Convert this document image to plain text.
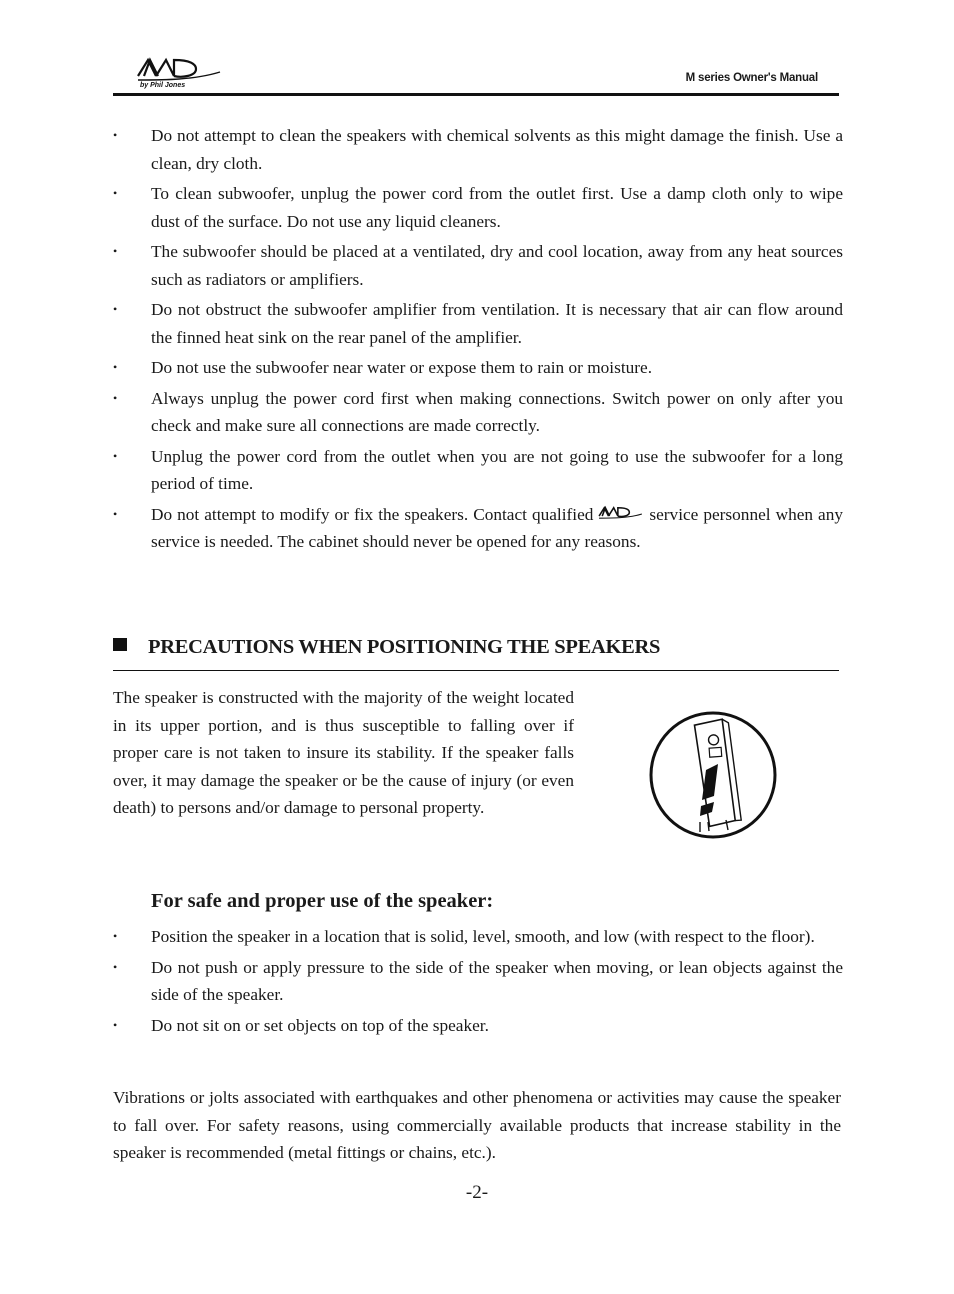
by Phil Jones
M series Owner's Manual
• Do not attempt to clean the speakers with chemical solvents as this might damage the finish. Use a clean, dry cloth.
• To clean subwoofer, unplug the power cord from the outlet first. Use a damp cloth only to wipe dust of the surface. Do not use any liquid cleaners.
• The subwoofer should be placed at a ventilated, dry and cool location, away from any heat sources such as radiators or amplifiers.
• Do not obstruct the subwoofer amplifier from ventilation. It is necessary that air can flow around the finned heat sink on the rear panel of the amplifier.
• Do not use the subwoofer near water or expose them to rain or moisture.
• Always unplug the power cord first when making connections. Switch power on only after you check and make sure all connections are made correctly.
• Unplug the power cord from the outlet when you are not going to use the subwoofer for a long period of time.
• Do not attempt to modify or fix the speakers. Contact qualified	service personnel when any service is needed. The cabinet should never be opened for any reasons.
PRECAUTIONS WHEN POSITIONING THE SPEAKERS

The speaker is constructed with the majority of the weight located in its upper portion, and is thus susceptible to falling over if proper care is not taken to insure its stability. If the speaker falls over, it may damage the speaker or be the cause of injury (or even death) to persons and/or damage to personal property.

For safe and proper use of the speaker:

• Position the speaker in a location that is solid, level, smooth, and low (with respect to the floor).
• Do not push or apply pressure to the side of the speaker when moving, or lean objects against the side of the speaker.
• Do not sit on or set objects on top of the speaker.

Vibrations or jolts associated with earthquakes and other phenomena or activities may cause the speaker to fall over. For safety reasons, using commercially available products that increase stability in the speaker is recommended (metal fittings or chains, etc.).

-2-
